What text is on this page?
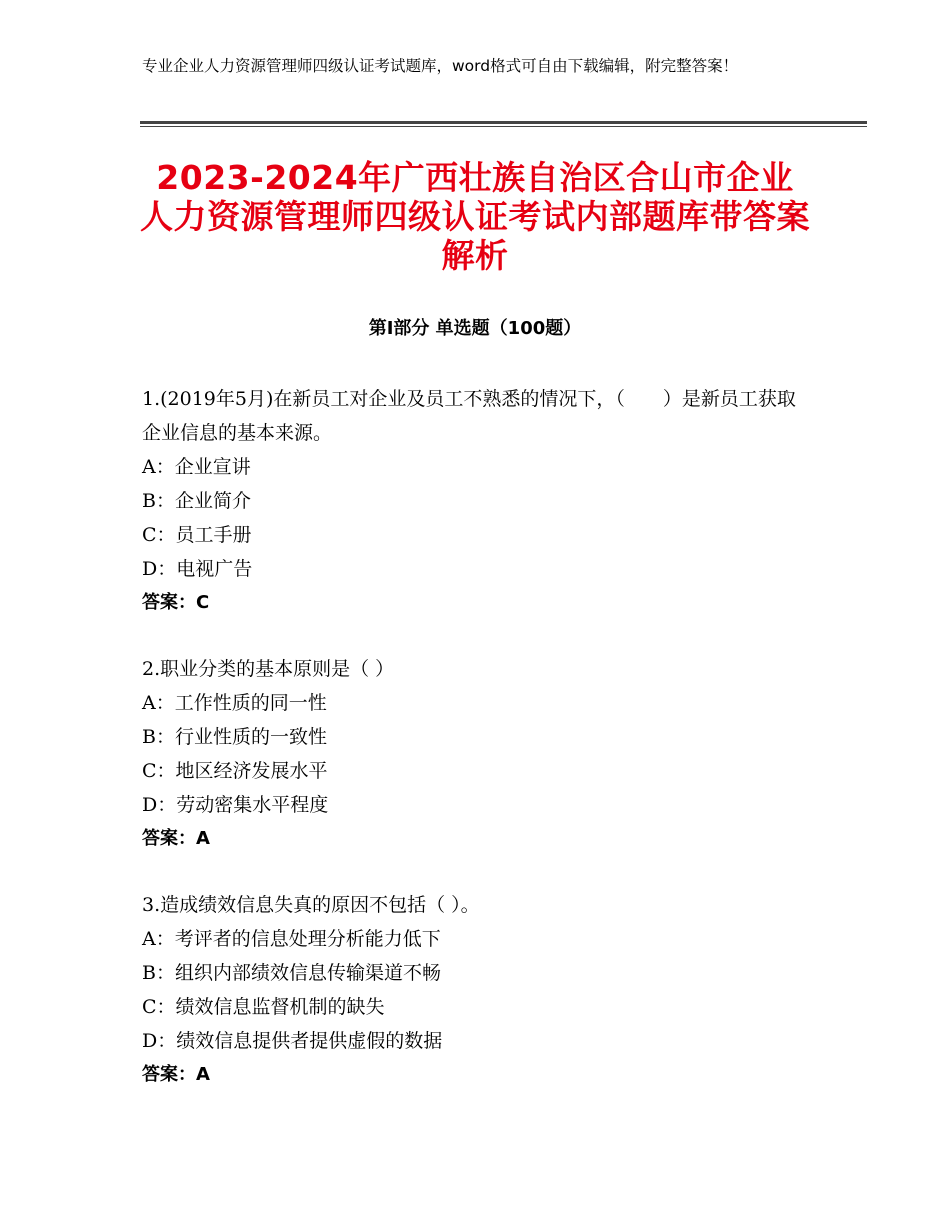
专业企业人力资源管理师四级认证考试题库，word格式可自由下载编辑，附完整答案！
2023-2024年广西壮族自治区合山市企业人力资源管理师四级认证考试内部题库带答案解析
第Ⅰ部分 单选题（100题）

1.(2019年5月)在新员工对企业及员工不熟悉的情况下，（　　）是新员工获取企业信息的基本来源。

A：企业宣讲
B：企业简介
C：员工手册
D：电视广告
答案：C

2.职业分类的基本原则是（ ）

A：工作性质的同一性
B：行业性质的一致性
C：地区经济发展水平
D：劳动密集水平程度
答案：A

3.造成绩效信息失真的原因不包括（ ）。

A：考评者的信息处理分析能力低下
B：组织内部绩效信息传输渠道不畅
C：绩效信息监督机制的缺失
D：绩效信息提供者提供虚假的数据
答案：A
